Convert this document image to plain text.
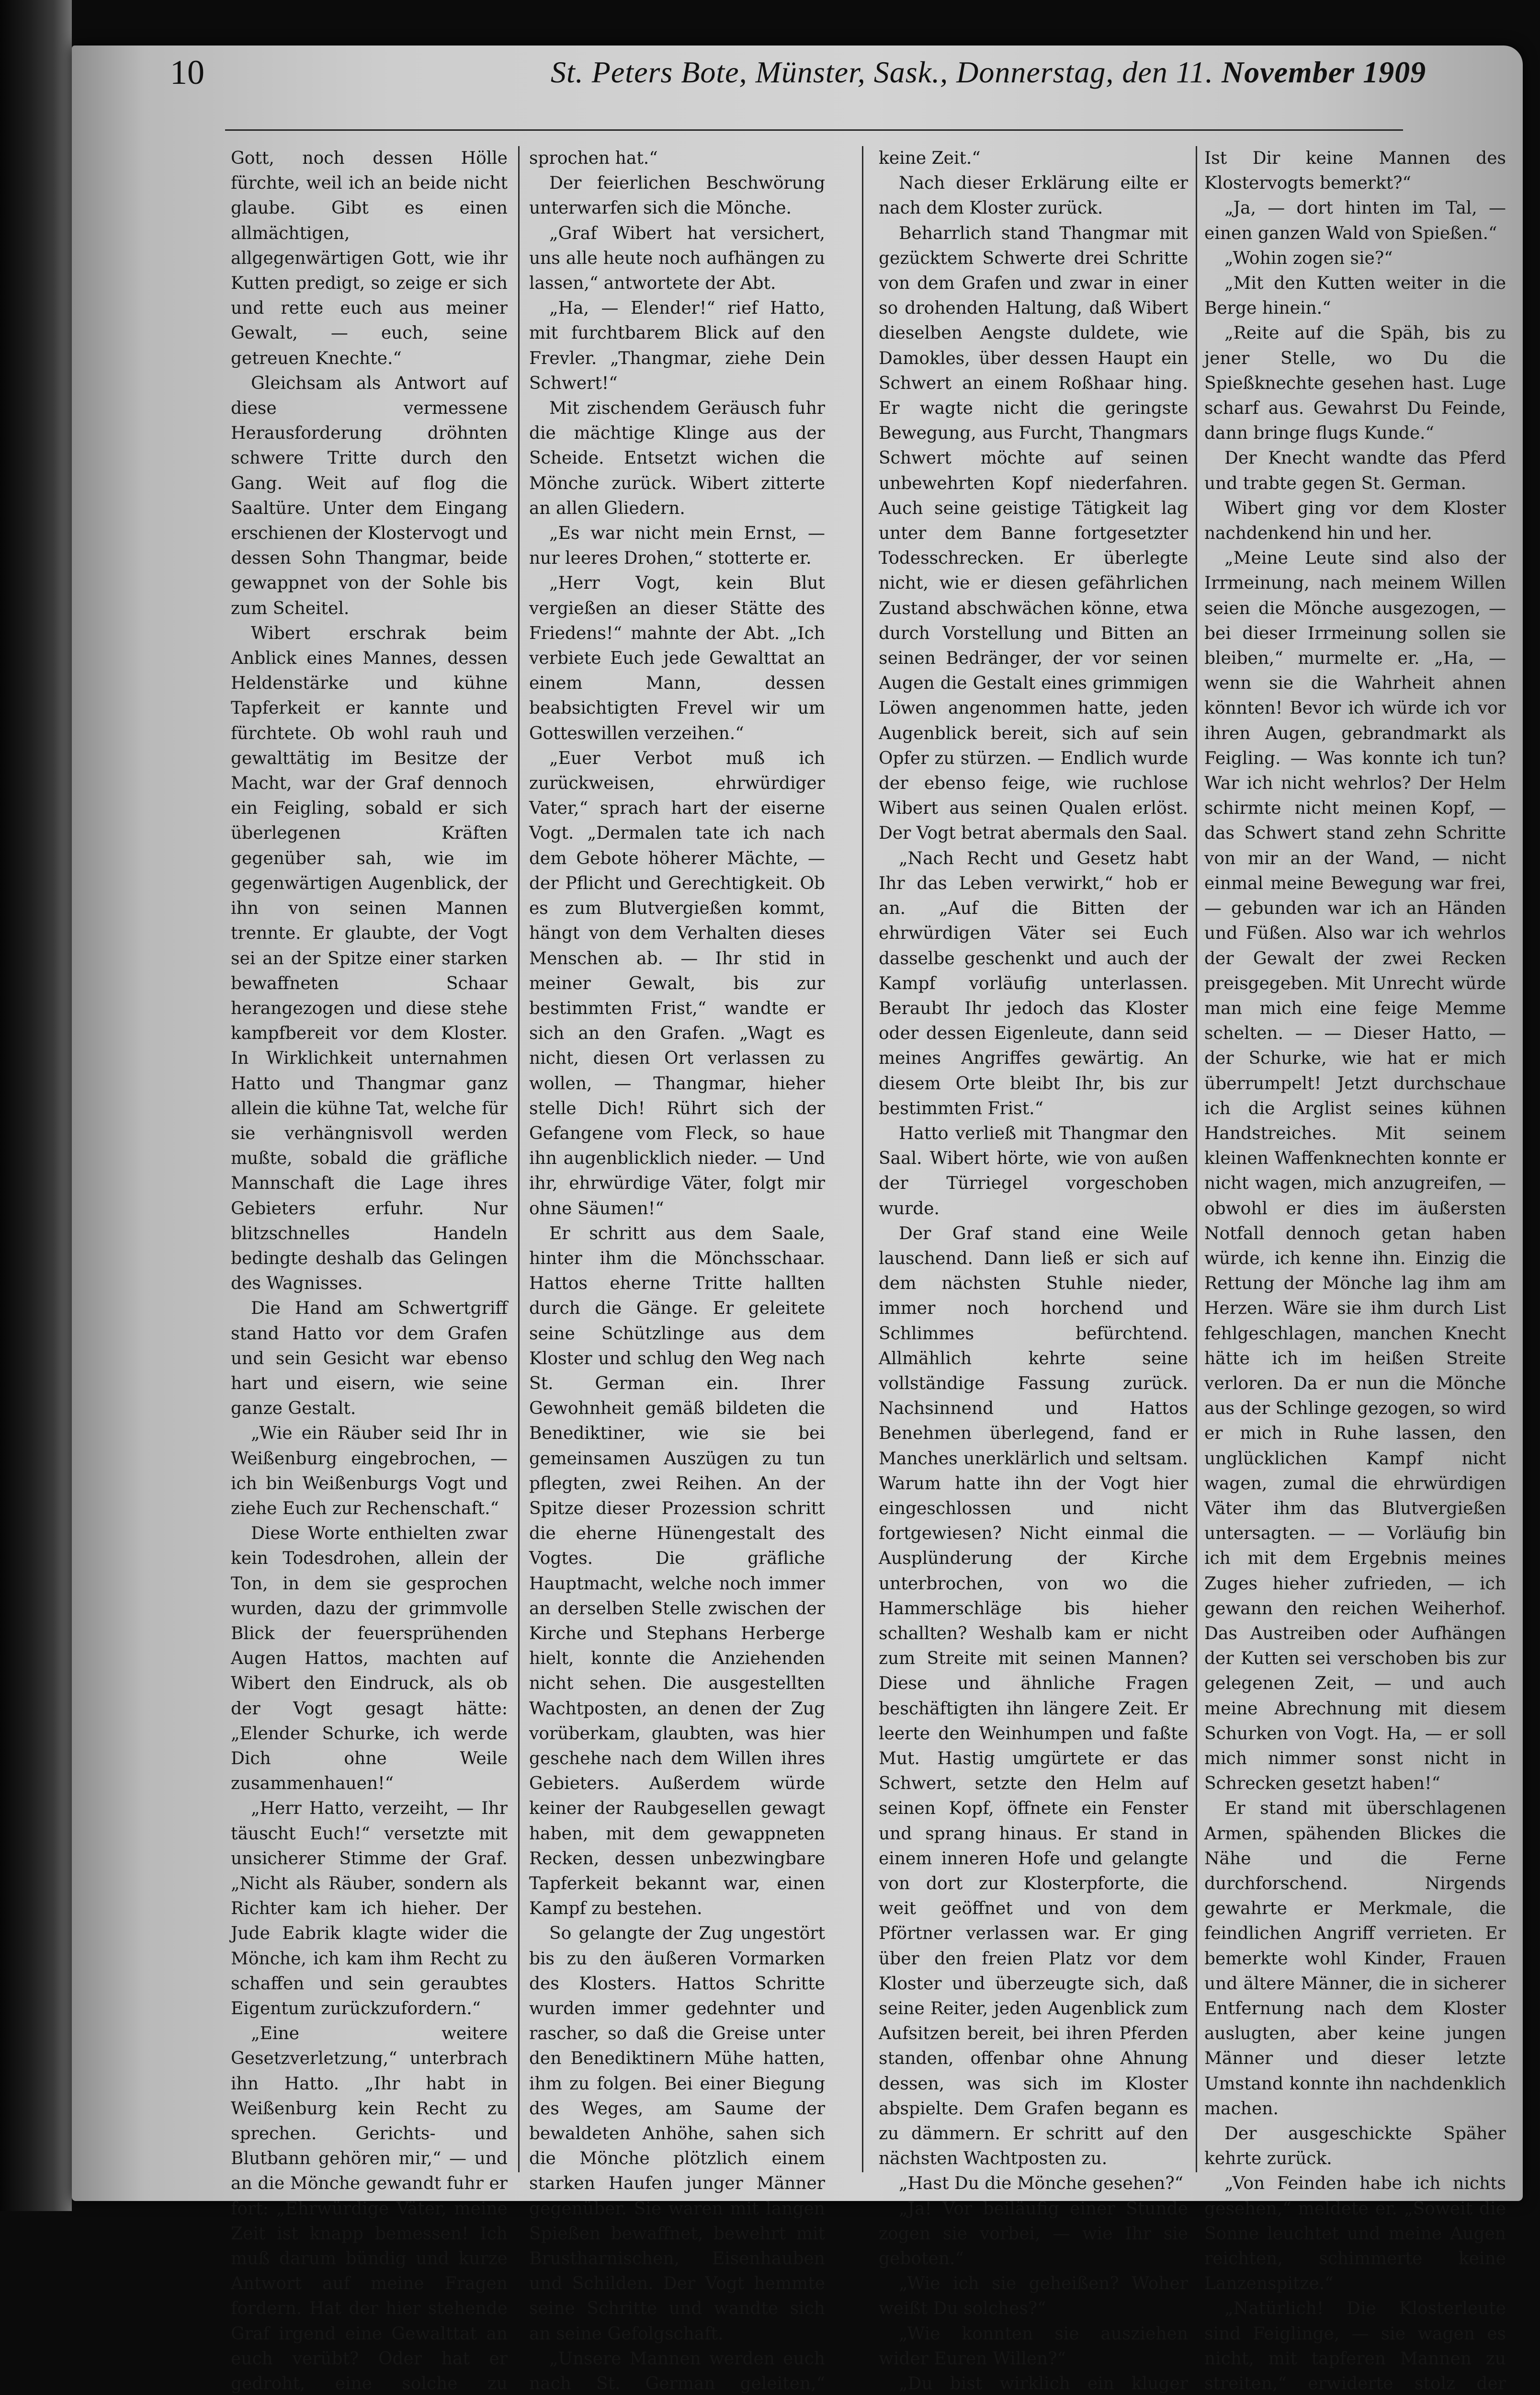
10	St. Peters Bote, Münster, Sask., Donnerstag, den 11. November 1909

Gott, noch dessen Hölle fürchte, weil ich an beide nicht glaube. Gibt es einen allmächtigen, allgegenwärtigen Gott, wie ihr Kutten predigt, so zeige er sich und rette euch aus meiner Gewalt, — euch, seine getreuen Knechte.“

Gleichsam als Antwort auf diese vermessene Herausforderung dröhnten schwere Tritte durch den Gang. Weit auf flog die Saaltüre. Unter dem Eingang erschienen der Klostervogt und dessen Sohn Thangmar, beide gewappnet von der Sohle bis zum Scheitel.

Wibert erschrak beim Anblick eines Mannes, dessen Heldenstärke und kühne Tapferkeit er kannte und fürchtete. Ob wohl rauh und gewalttätig im Besitze der Macht, war der Graf dennoch ein Feigling, sobald er sich überlegenen Kräften gegenüber sah, wie im gegenwärtigen Augenblick, der ihn von seinen Mannen trennte. Er glaubte, der Vogt sei an der Spitze einer starken bewaffneten Schaar herangezogen und diese stehe kampfbereit vor dem Kloster. In Wirklichkeit unternahmen Hatto und Thangmar ganz allein die kühne Tat, welche für sie verhängnisvoll werden mußte, sobald die gräfliche Mannschaft die Lage ihres Gebieters erfuhr. Nur blitzschnelles Handeln bedingte deshalb das Gelingen des Wagnisses.

Die Hand am Schwertgriff stand Hatto vor dem Grafen und sein Gesicht war ebenso hart und eisern, wie seine ganze Gestalt.

„Wie ein Räuber seid Ihr in Weißenburg eingebrochen, — ich bin Weißenburgs Vogt und ziehe Euch zur Rechenschaft.“

Diese Worte enthielten zwar kein Todesdrohen, allein der Ton, in dem sie gesprochen wurden, dazu der grimmvolle Blick der feuersprühenden Augen Hattos, machten auf Wibert den Eindruck, als ob der Vogt gesagt hätte: „Elender Schurke, ich werde Dich ohne Weile zusammenhauen!“

„Herr Hatto, verzeiht, — Ihr täuscht Euch!“ versetzte mit unsicherer Stimme der Graf. „Nicht als Räuber, sondern als Richter kam ich hieher. Der Jude Eabrik klagte wider die Mönche, ich kam ihm Recht zu schaffen und sein geraubtes Eigentum zurückzufordern.“

„Eine weitere Gesetzverletzung,“ unterbrach ihn Hatto. „Ihr habt in Weißenburg kein Recht zu sprechen. Gerichts- und Blutbann gehören mir,“ — und an die Mönche gewandt fuhr er fort: „Ehrwürdige Väter, meine Zeit ist knapp bemessen! Ich muß darum bündig und kurze Antwort auf meine Fragen fordern. Hat der hier stehende Graf irgend eine Gewalttat an euch verübt? Oder hat er gedroht, eine solche zu

sprochen hat.“

Der feierlichen Beschwörung unterwarfen sich die Mönche.

„Graf Wibert hat versichert, uns alle heute noch aufhängen zu lassen,“ antwortete der Abt.

„Ha, — Elender!“ rief Hatto, mit furchtbarem Blick auf den Frevler. „Thangmar, ziehe Dein Schwert!“

Mit zischendem Geräusch fuhr die mächtige Klinge aus der Scheide. Entsetzt wichen die Mönche zurück. Wibert zitterte an allen Gliedern.

„Es war nicht mein Ernst, — nur leeres Drohen,“ stotterte er.

„Herr Vogt, kein Blut vergießen an dieser Stätte des Friedens!“ mahnte der Abt. „Ich verbiete Euch jede Gewalttat an einem Mann, dessen beabsichtigten Frevel wir um Gotteswillen verzeihen.“

„Euer Verbot muß ich zurückweisen, ehrwürdiger Vater,“ sprach hart der eiserne Vogt. „Dermalen tate ich nach dem Gebote höherer Mächte, — der Pflicht und Gerechtigkeit. Ob es zum Blutvergießen kommt, hängt von dem Verhalten dieses Menschen ab. — Ihr stid in meiner Gewalt, bis zur bestimmten Frist,“ wandte er sich an den Grafen. „Wagt es nicht, diesen Ort verlassen zu wollen, — Thangmar, hieher stelle Dich! Rührt sich der Gefangene vom Fleck, so haue ihn augenblicklich nieder. — Und ihr, ehrwürdige Väter, folgt mir ohne Säumen!“

Er schritt aus dem Saale, hinter ihm die Mönchsschaar. Hattos eherne Tritte hallten durch die Gänge. Er geleitete seine Schützlinge aus dem Kloster und schlug den Weg nach St. German ein. Ihrer Gewohnheit gemäß bildeten die Benediktiner, wie sie bei gemeinsamen Auszügen zu tun pflegten, zwei Reihen. An der Spitze dieser Prozession schritt die eherne Hünengestalt des Vogtes. Die gräfliche Hauptmacht, welche noch immer an derselben Stelle zwischen der Kirche und Stephans Herberge hielt, konnte die Anziehenden nicht sehen. Die ausgestellten Wachtposten, an denen der Zug vorüberkam, glaubten, was hier geschehe nach dem Willen ihres Gebieters. Außerdem würde keiner der Raubgesellen gewagt haben, mit dem gewappneten Recken, dessen unbezwingbare Tapferkeit bekannt war, einen Kampf zu bestehen.

So gelangte der Zug ungestört bis zu den äußeren Vormarken des Klosters. Hattos Schritte wurden immer gedehnter und rascher, so daß die Greise unter den Benediktinern Mühe hatten, ihm zu folgen. Bei einer Biegung des Weges, am Saume der bewaldeten Anhöhe, sahen sich die Mönche plötzlich einem starken Haufen junger Männer gegenüber. Sie waren mit langen Spießen bewaffnet, bewehrt mit Brustharnischen, Eisenhauben und Schilden. Der Vogt hemmte seine Schritte und wandte sich an seine Gefolgschaft.

„Unsere Mannen werden euch nach St. German geleiten,“

keine Zeit.“

Nach dieser Erklärung eilte er nach dem Kloster zurück.

Beharrlich stand Thangmar mit gezücktem Schwerte drei Schritte von dem Grafen und zwar in einer so drohenden Haltung, daß Wibert dieselben Aengste duldete, wie Damokles, über dessen Haupt ein Schwert an einem Roßhaar hing. Er wagte nicht die geringste Bewegung, aus Furcht, Thangmars Schwert möchte auf seinen unbewehrten Kopf niederfahren. Auch seine geistige Tätigkeit lag unter dem Banne fortgesetzter Todesschrecken. Er überlegte nicht, wie er diesen gefährlichen Zustand abschwächen könne, etwa durch Vorstellung und Bitten an seinen Bedränger, der vor seinen Augen die Gestalt eines grimmigen Löwen angenommen hatte, jeden Augenblick bereit, sich auf sein Opfer zu stürzen. — Endlich wurde der ebenso feige, wie ruchlose Wibert aus seinen Qualen erlöst. Der Vogt betrat abermals den Saal.

„Nach Recht und Gesetz habt Ihr das Leben verwirkt,“ hob er an. „Auf die Bitten der ehrwürdigen Väter sei Euch dasselbe geschenkt und auch der Kampf vorläufig unterlassen. Beraubt Ihr jedoch das Kloster oder dessen Eigenleute, dann seid meines Angriffes gewärtig. An diesem Orte bleibt Ihr, bis zur bestimmten Frist.“

Hatto verließ mit Thangmar den Saal. Wibert hörte, wie von außen der Türriegel vorgeschoben wurde.

Der Graf stand eine Weile lauschend. Dann ließ er sich auf dem nächsten Stuhle nieder, immer noch horchend und Schlimmes befürchtend. Allmählich kehrte seine vollständige Fassung zurück. Nachsinnend und Hattos Benehmen überlegend, fand er Manches unerklärlich und seltsam. Warum hatte ihn der Vogt hier eingeschlossen und nicht fortgewiesen? Nicht einmal die Ausplünderung der Kirche unterbrochen, von wo die Hammerschläge bis hieher schallten? Weshalb kam er nicht zum Streite mit seinen Mannen? Diese und ähnliche Fragen beschäftigten ihn längere Zeit. Er leerte den Weinhumpen und faßte Mut. Hastig umgürtete er das Schwert, setzte den Helm auf seinen Kopf, öffnete ein Fenster und sprang hinaus. Er stand in einem inneren Hofe und gelangte von dort zur Klosterpforte, die weit geöffnet und von dem Pförtner verlassen war. Er ging über den freien Platz vor dem Kloster und überzeugte sich, daß seine Reiter, jeden Augenblick zum Aufsitzen bereit, bei ihren Pferden standen, offenbar ohne Ahnung dessen, was sich im Kloster abspielte. Dem Grafen begann es zu dämmern. Er schritt auf den nächsten Wachtposten zu.

„Hast Du die Mönche gesehen?“

„Ja! Vor beiläufig einer Stunde zogen sie vorbei, — wie Ihr sie geboten.“

„Wie ich sie geheißen? Woher weißt Du solches?“

„Wie konnten sie ausziehen wider Euren Willen?“

„Du bist wirklich ein kluger

Ist Dir keine Mannen des Klostervogts bemerkt?“

„Ja, — dort hinten im Tal, — einen ganzen Wald von Spießen.“

„Wohin zogen sie?“

„Mit den Kutten weiter in die Berge hinein.“

„Reite auf die Späh, bis zu jener Stelle, wo Du die Spießknechte gesehen hast. Luge scharf aus. Gewahrst Du Feinde, dann bringe flugs Kunde.“

Der Knecht wandte das Pferd und trabte gegen St. German.

Wibert ging vor dem Kloster nachdenkend hin und her.

„Meine Leute sind also der Irrmeinung, nach meinem Willen seien die Mönche ausgezogen, — bei dieser Irrmeinung sollen sie bleiben,“ murmelte er. „Ha, — wenn sie die Wahrheit ahnen könnten! Bevor ich würde ich vor ihren Augen, gebrandmarkt als Feigling. — Was konnte ich tun? War ich nicht wehrlos? Der Helm schirmte nicht meinen Kopf, — das Schwert stand zehn Schritte von mir an der Wand, — nicht einmal meine Bewegung war frei, — gebunden war ich an Händen und Füßen. Also war ich wehrlos der Gewalt der zwei Recken preisgegeben. Mit Unrecht würde man mich eine feige Memme schelten. — — Dieser Hatto, — der Schurke, wie hat er mich überrumpelt! Jetzt durchschaue ich die Arglist seines kühnen Handstreiches. Mit seinem kleinen Waffenknechten konnte er nicht wagen, mich anzugreifen, — obwohl er dies im äußersten Notfall dennoch getan haben würde, ich kenne ihn. Einzig die Rettung der Mönche lag ihm am Herzen. Wäre sie ihm durch List fehlgeschlagen, manchen Knecht hätte ich im heißen Streite verloren. Da er nun die Mönche aus der Schlinge gezogen, so wird er mich in Ruhe lassen, den unglücklichen Kampf nicht wagen, zumal die ehrwürdigen Väter ihm das Blutvergießen untersagten. — — Vorläufig bin ich mit dem Ergebnis meines Zuges hieher zufrieden, — ich gewann den reichen Weiherhof. Das Austreiben oder Aufhängen der Kutten sei verschoben bis zur gelegenen Zeit, — und auch meine Abrechnung mit diesem Schurken von Vogt. Ha, — er soll mich nimmer sonst nicht in Schrecken gesetzt haben!“

Er stand mit überschlagenen Armen, spähenden Blickes die Nähe und die Ferne durchforschend. Nirgends gewahrte er Merkmale, die feindlichen Angriff verrieten. Er bemerkte wohl Kinder, Frauen und ältere Männer, die in sicherer Entfernung nach dem Kloster auslugten, aber keine jungen Männer und dieser letzte Umstand konnte ihn nachdenklich machen.

Der ausgeschickte Späher kehrte zurück.

„Von Feinden habe ich nichts gesehen,“ meldete er. „Soweit die Sonne leuchtet und meine Augen reichten, schimmerte keine Lanzenspitze.“

„Natürlich! Die Klosterleute sind Feiglinge, — sie wagen es nicht, mit tapferen Mannen zu streiten,“ erwiderte stolz der
